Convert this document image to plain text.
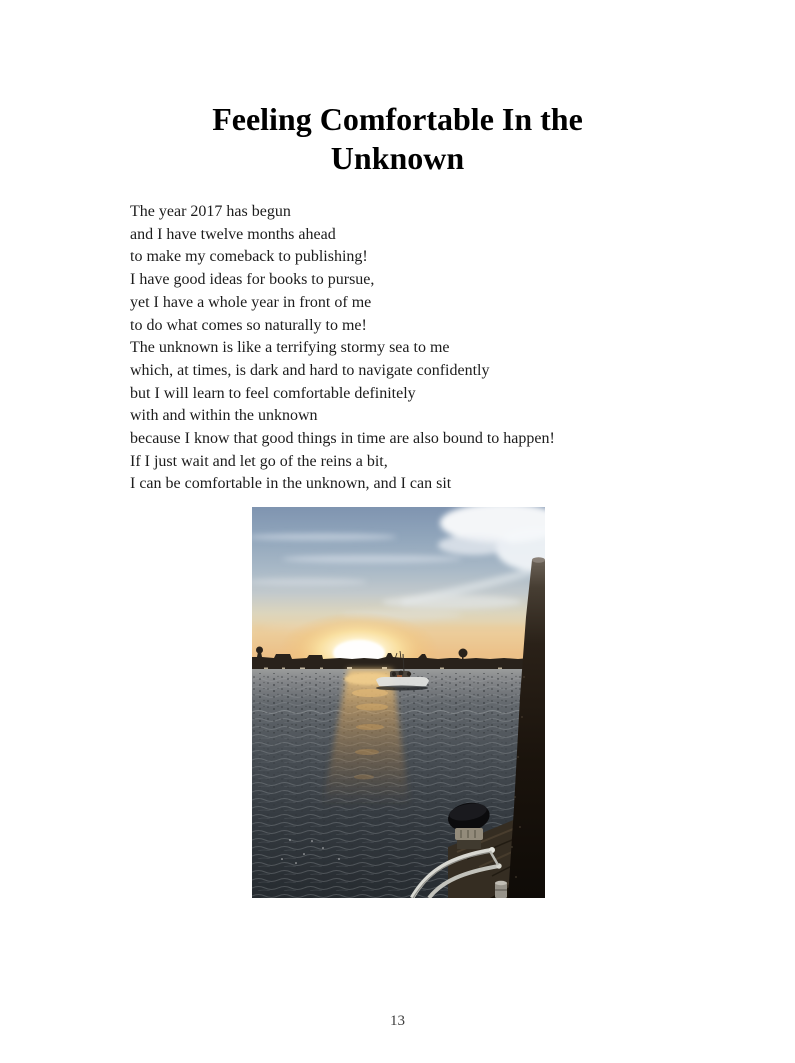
Feeling Comfortable In the Unknown
The year 2017 has begun
and I have twelve months ahead
to make my comeback to publishing!
I have good ideas for books to pursue,
yet I have a whole year in front of me
to do what comes so naturally to me!
The unknown is like a terrifying stormy sea to me
which, at times, is dark and hard to navigate confidently
but I will learn to feel comfortable definitely
with and within the unknown
because I know that good things in time are also bound to happen!
If I just wait and let go of the reins a bit,
I can be comfortable in the unknown, and I can sit
13
